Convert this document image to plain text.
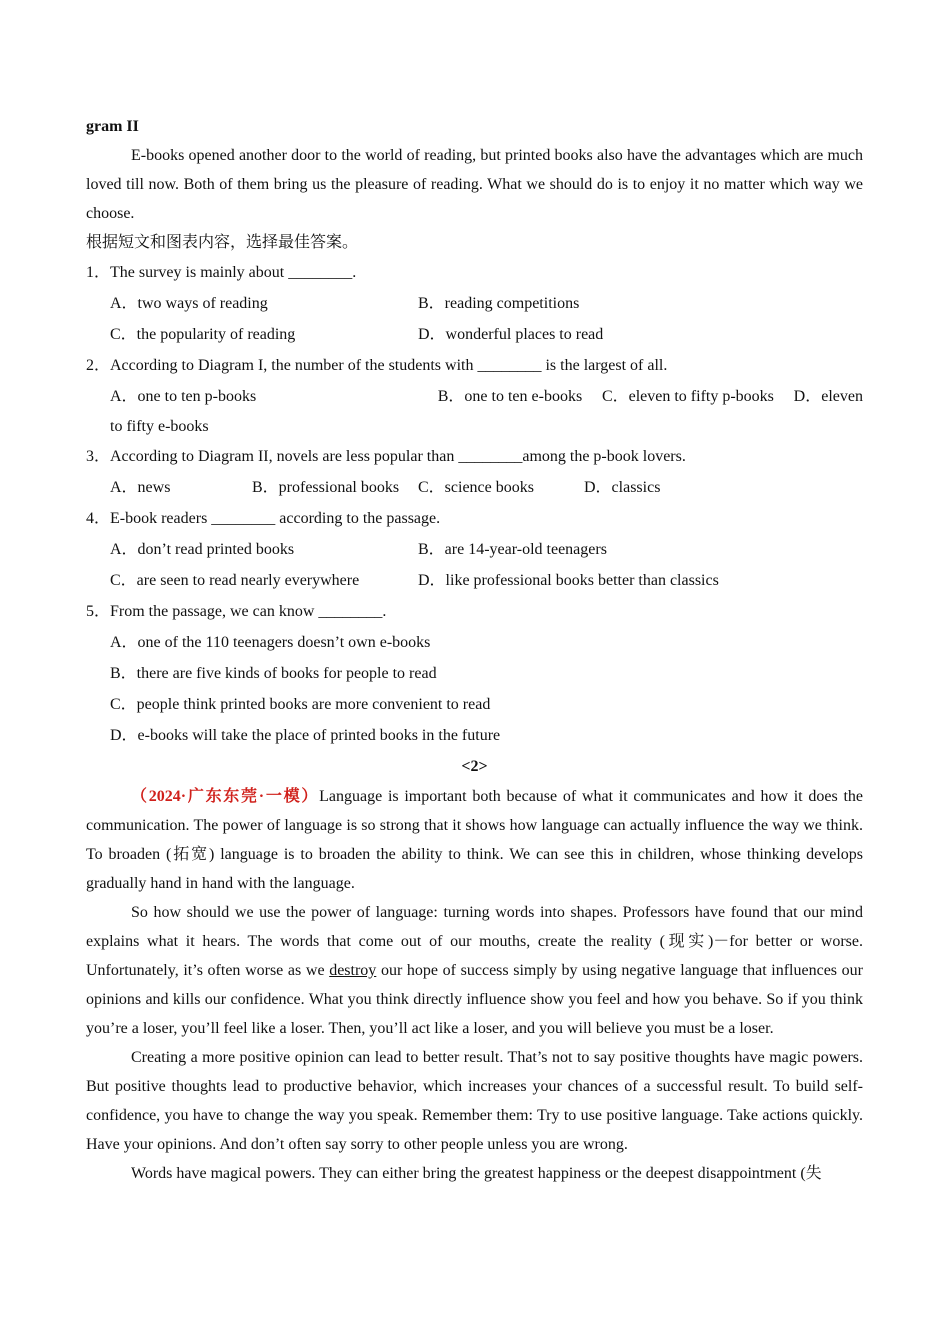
gram II

E-books opened another door to the world of reading, but printed books also have the advantages which are much loved till now. Both of them bring us the pleasure of reading. What we should do is to enjoy it no matter which way we choose.

根据短文和图表内容，选择最佳答案。

1．The survey is mainly about ________.

A．two ways of reading	B．reading competitions
C．the popularity of reading	D．wonderful places to read

2．According to Diagram I, the number of the students with ________ is the largest of all.

A．one to ten p-books	B．one to ten e-books C．eleven to fifty p-books D．eleven
to fifty e-books

3．According to Diagram II, novels are less popular than ________among the p-book lovers.

A．news	B．professional books	C．science books	D．classics

4．E-book readers ________ according to the passage.

A．don’t read printed books	B．are 14-year-old teenagers
C．are seen to read nearly everywhere	D．like professional books better than classics

5．From the passage, we can know ________.

A．one of the 110 teenagers doesn’t own e-books
B．there are five kinds of books for people to read
C．people think printed books are more convenient to read
D．e-books will take the place of printed books in the future

<2>

（2024·广东东莞·一模）Language is important both because of what it communicates and how it does the communication. The power of language is so strong that it shows how language can actually influence the way we think. To broaden (拓宽) language is to broaden the ability to think. We can see this in children, whose thinking develops gradually hand in hand with the language.

So how should we use the power of language: turning words into shapes. Professors have found that our mind explains what it hears. The words that come out of our mouths, create the reality (现实)－for better or worse. Unfortunately, it’s often worse as we destroy our hope of success simply by using negative language that influences our opinions and kills our confidence. What you think directly influence show you feel and how you behave. So if you think you’re a loser, you’ll feel like a loser. Then, you’ll act like a loser, and you will believe you must be a loser.

Creating a more positive opinion can lead to better result. That’s not to say positive thoughts have magic powers. But positive thoughts lead to productive behavior, which increases your chances of a successful result. To build self-confidence, you have to change the way you speak. Remember them: Try to use positive language. Take actions quickly. Have your opinions. And don’t often say sorry to other people unless you are wrong.

Words have magical powers. They can either bring the greatest happiness or the deepest disappointment (失
